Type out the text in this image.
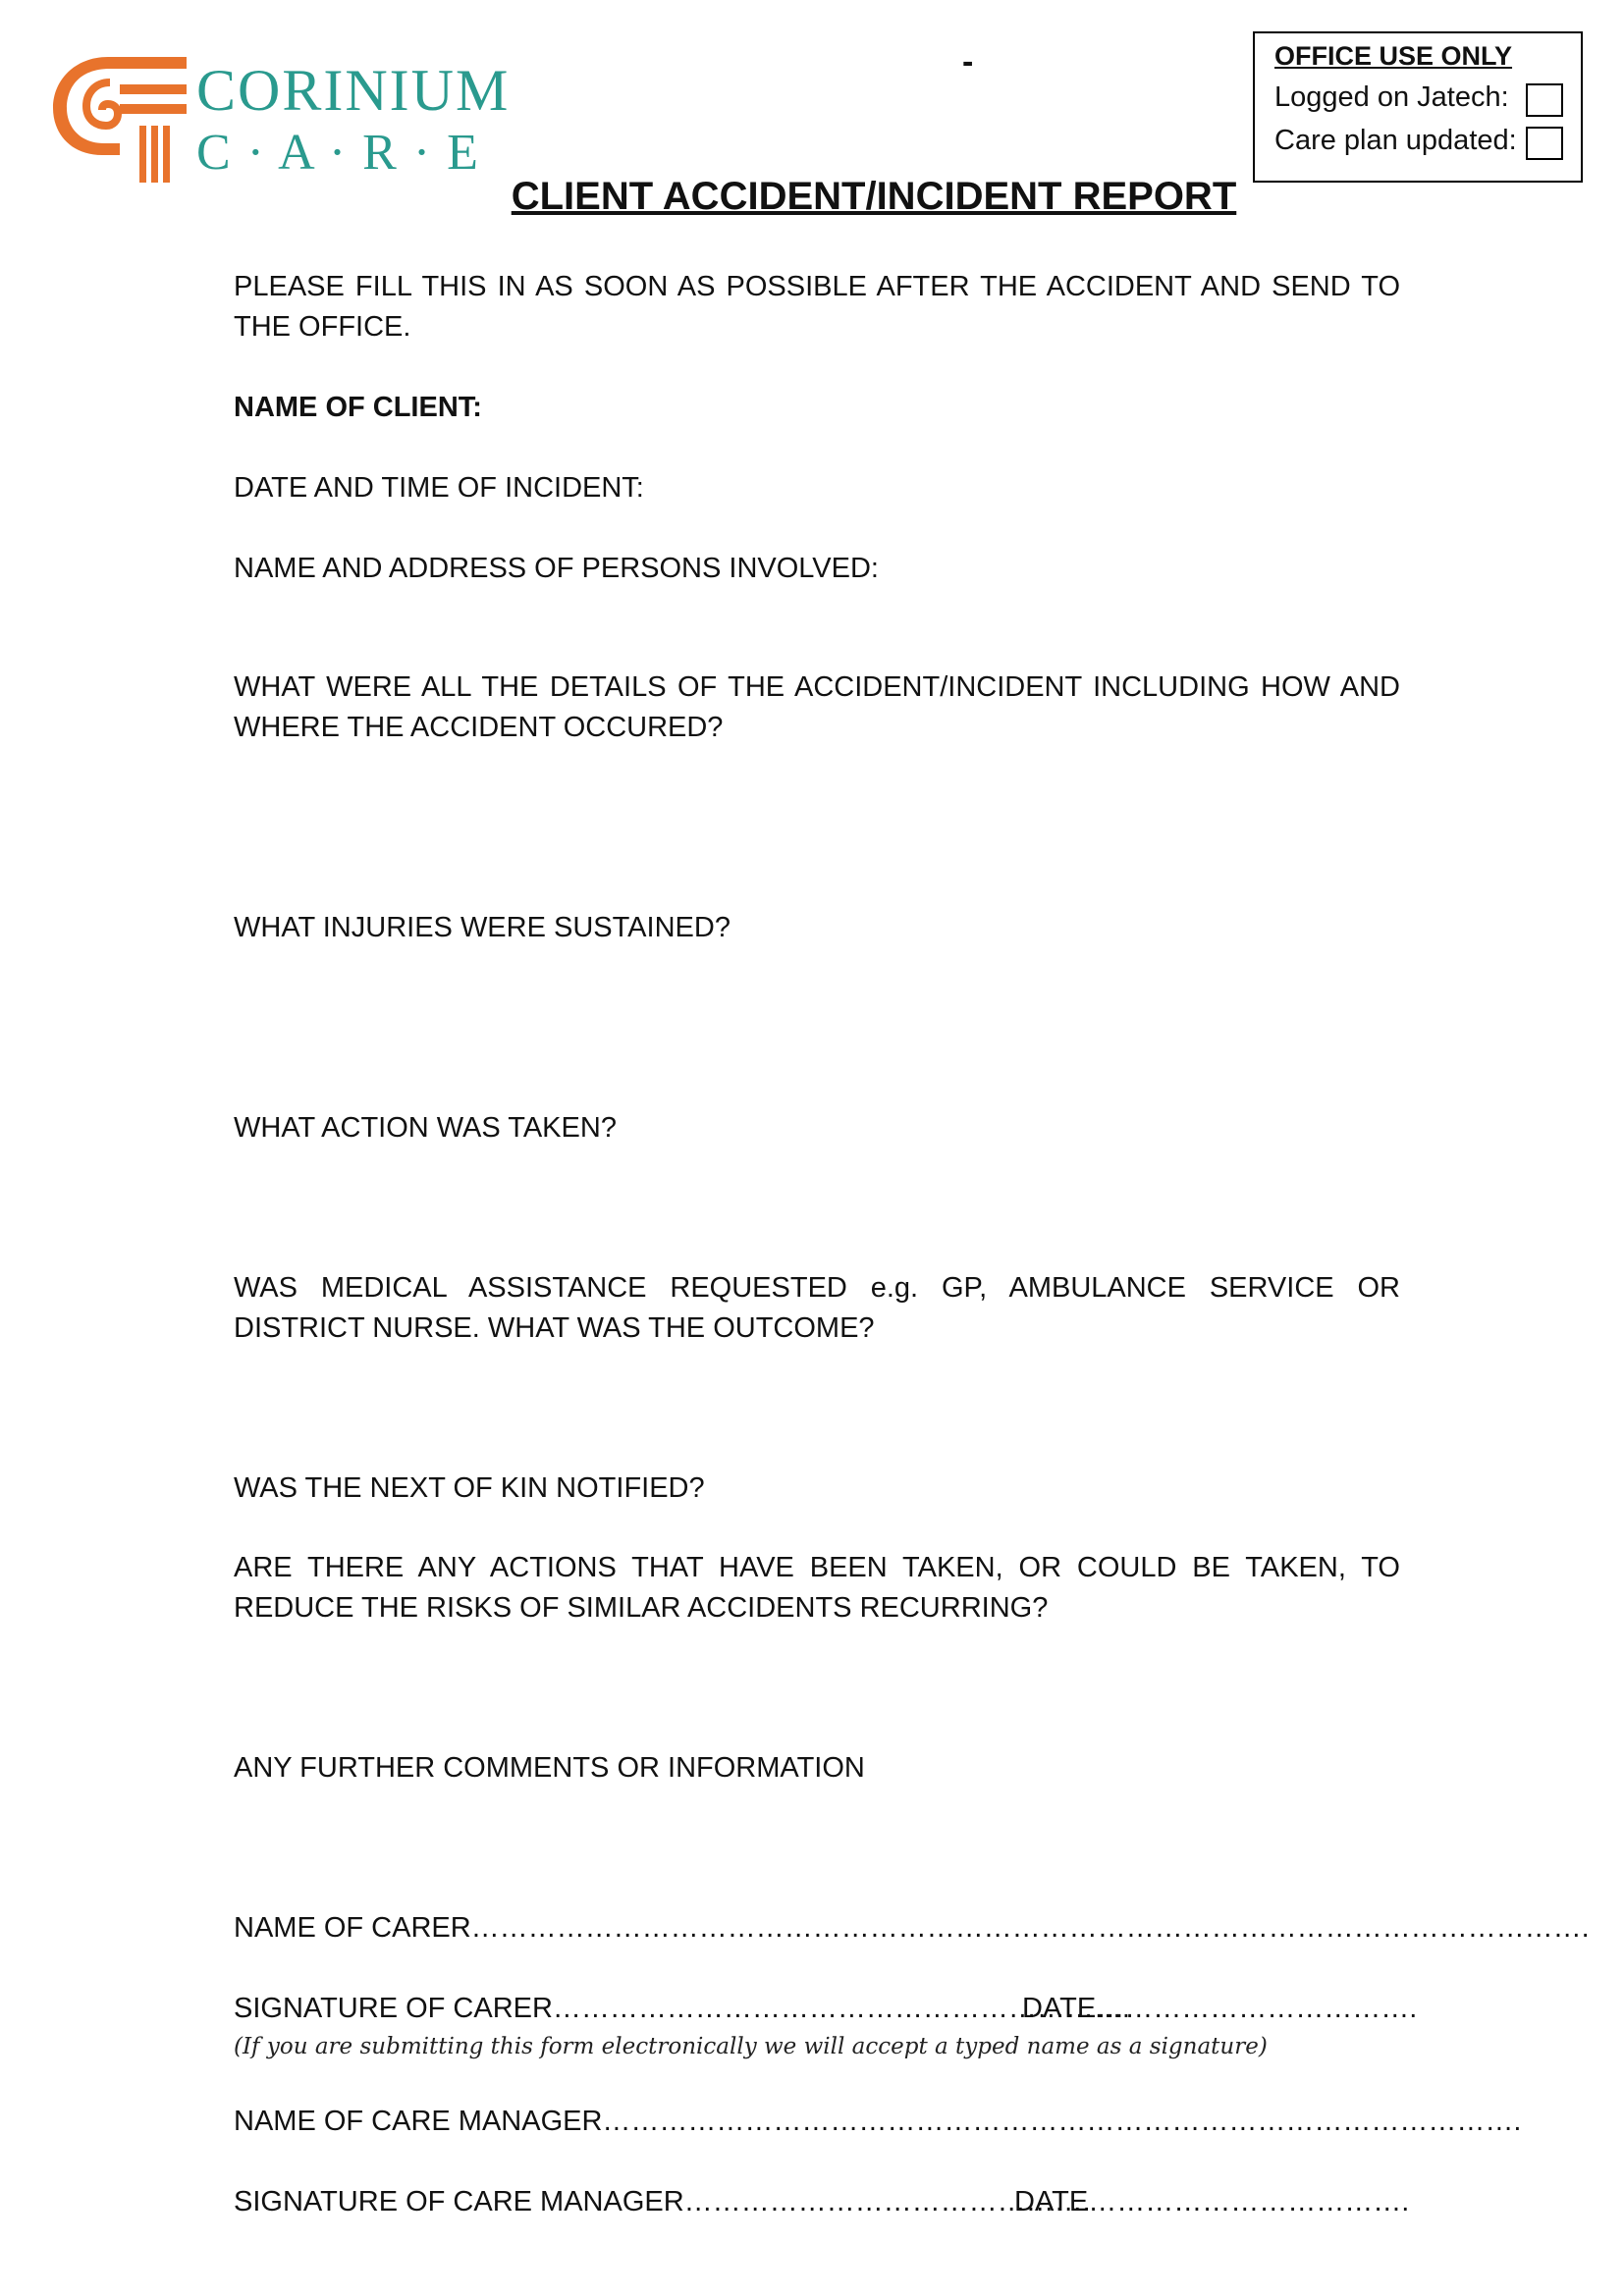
CORINIUM
C · A · R · E
-	OFFICE USE ONLY
Logged on Jatech:
Care plan updated:
CLIENT ACCIDENT/INCIDENT REPORT
PLEASE FILL THIS IN AS SOON AS POSSIBLE AFTER THE ACCIDENT AND SEND TO THE OFFICE.
NAME OF CLIENT:
DATE AND TIME OF INCIDENT:
NAME AND ADDRESS OF PERSONS INVOLVED:
WHAT WERE ALL THE DETAILS OF THE ACCIDENT/INCIDENT INCLUDING HOW AND WHERE THE ACCIDENT OCCURED?
WHAT INJURIES WERE SUSTAINED?
WHAT ACTION WAS TAKEN?
WAS MEDICAL ASSISTANCE REQUESTED e.g. GP, AMBULANCE SERVICE OR DISTRICT NURSE. WHAT WAS THE OUTCOME?
WAS THE NEXT OF KIN NOTIFIED?
ARE THERE ANY ACTIONS THAT HAVE BEEN TAKEN, OR COULD BE TAKEN, TO REDUCE THE RISKS OF SIMILAR ACCIDENTS RECURRING?
ANY FURTHER COMMENTS OR INFORMATION
NAME OF CARER……………………………………………………………………………………………………….
SIGNATURE OF CARER…………………………………………………….
DATE…………………………….
(If you are submitting this form electronically we will accept a typed name as a signature)
NAME OF CARE MANAGER…………………………………………………………………………………….
SIGNATURE OF CARE MANAGER…………………………………….
DATE…………………………….
